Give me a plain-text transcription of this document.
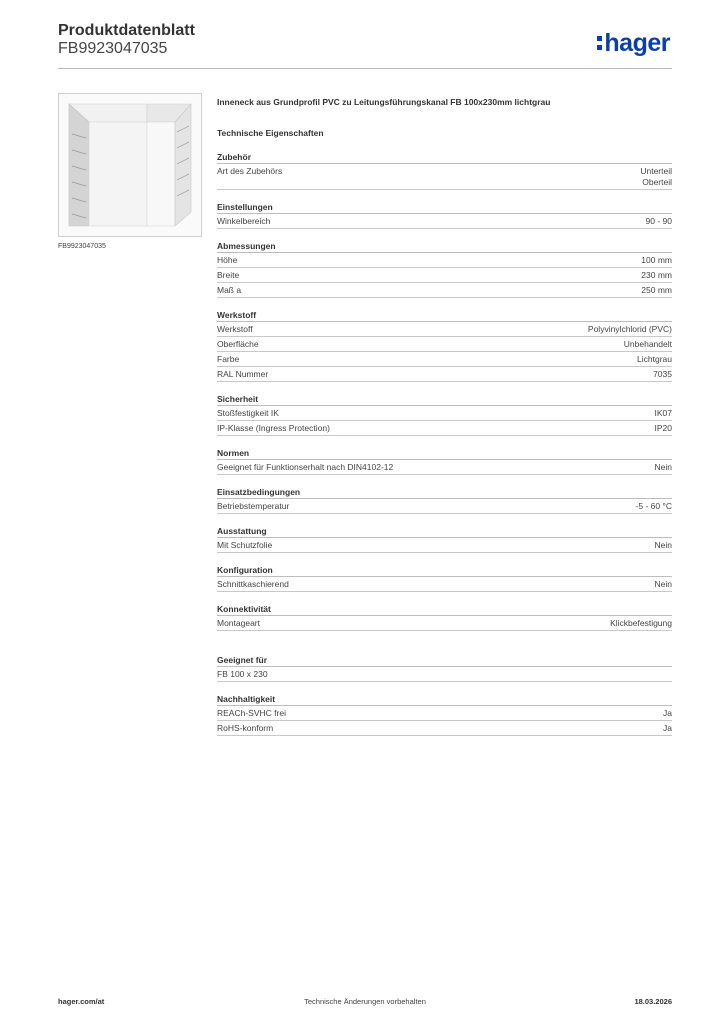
Produktdatenblatt
FB9923047035	hager
FB9923047035
Inneneck aus Grundprofil PVC zu Leitungsführungskanal FB 100x230mm lichtgrau
Technische Eigenschaften
Zubehör
Art des Zubehörs	Unterteil
Oberteil
Einstellungen
Winkelbereich	90 - 90
Abmessungen
Höhe	100 mm
Breite	230 mm
Maß a	250 mm
Werkstoff
Werkstoff	Polyvinylchlorid (PVC)
Oberfläche	Unbehandelt
Farbe	Lichtgrau
RAL Nummer	7035
Sicherheit
Stoßfestigkeit IK	IK07
IP-Klasse (Ingress Protection)	IP20
Normen
Geeignet für Funktionserhalt nach DIN4102-12	Nein
Einsatzbedingungen
Betriebstemperatur	-5 - 60 °C
Ausstattung
Mit Schutzfolie	Nein
Konfiguration
Schnittkaschierend	Nein
Konnektivität
Montageart	Klickbefestigung
Geeignet für
FB 100 x 230
Nachhaltigkeit
REACh-SVHC frei	Ja
RoHS-konform	Ja
hager.com/at	Technische Änderungen vorbehalten	18.03.2026
